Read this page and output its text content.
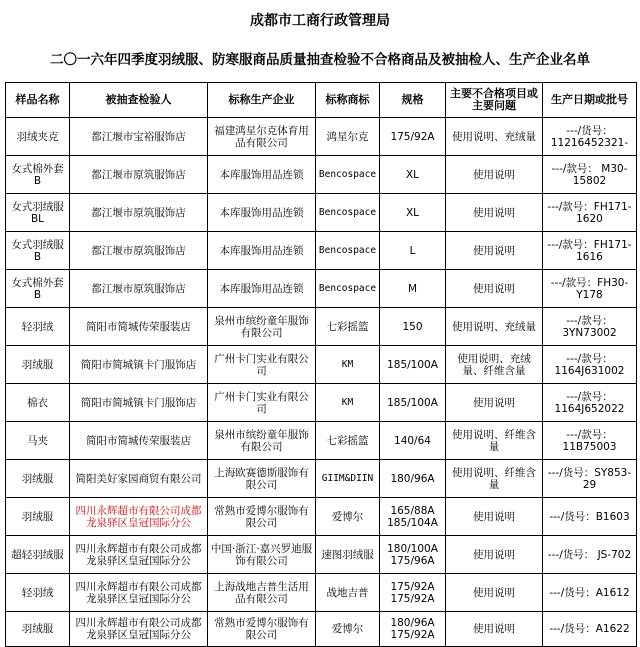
成都市工商行政管理局
二〇一六年四季度羽绒服、防寒服商品质量抽查检验不合格商品及被抽检人、生产企业名单
样品名称	被抽查检验人	标称生产企业	标称商标	规格	主要不合格项目或主要问题	生产日期或批号
羽绒夹克	都江堰市宝裕服饰店	福建鸿星尔克体育用品有限公司	鸿星尔克	175/92A	使用说明、充绒量	---/货号：11216452321-
女式棉外套B	都江堰市原筑服饰店	本库服饰用品连锁	Bencospace	XL	使用说明	---/款号： M30-15802
女式羽绒服BL	都江堰市原筑服饰店	本库服饰用品连锁	Bencospace	XL	使用说明	---/款号：FH171-1620
女式羽绒服B	都江堰市原筑服饰店	本库服饰用品连锁	Bencospace	L	使用说明	---/款号：FH171-1616
女式棉外套B	都江堰市原筑服饰店	本库服饰用品连锁	Bencospace	M	使用说明	---/款号：FH30-Y178
轻羽绒	简阳市简城传荣服装店	泉州市缤纷童年服饰有限公司	七彩摇篮	150	使用说明、充绒量	---/款号：3YN73002
羽绒服	简阳市简城镇卡门服饰店	广州卡门实业有限公司	KM	185/100A	使用说明、充绒量、纤维含量	---/款号：1164J631002
棉衣	简阳市简城镇卡门服饰店	广州卡门实业有限公司	KM	185/100A	使用说明	---/款号：1164J652022
马夹	简阳市简城传荣服装店	泉州市缤纷童年服饰有限公司	七彩摇篮	140/64	使用说明、纤维含量	---/款号：11B75003
羽绒服	简阳美好家园商贸有限公司	上海欧赛德斯服饰有限公司	GIIM&DIIN	180/96A	使用说明、纤维含量	---/货号：SY853-29
羽绒服	四川永辉超市有限公司成都龙泉驿区皇冠国际分公	常熟市爱博尔服饰有限公司	爱博尔	165/88A 185/104A	使用说明	---/货号：B1603
超轻羽绒服	四川永辉超市有限公司成都龙泉驿区皇冠国际分公	中国·浙江·嘉兴罗迪服饰有限公司	速图羽绒服	180/100A 175/96A	使用说明	---/货号： JS-702
轻羽绒	四川永辉超市有限公司成都龙泉驿区皇冠国际分公	上海战地吉普生活用品有限公司	战地吉普	175/92A 175/92A	使用说明	---/货号：A1612
羽绒服	四川永辉超市有限公司成都龙泉驿区皇冠国际分公	常熟市爱博尔服饰有限公司	爱博尔	180/96A 175/92A	使用说明	---/货号：A1622
